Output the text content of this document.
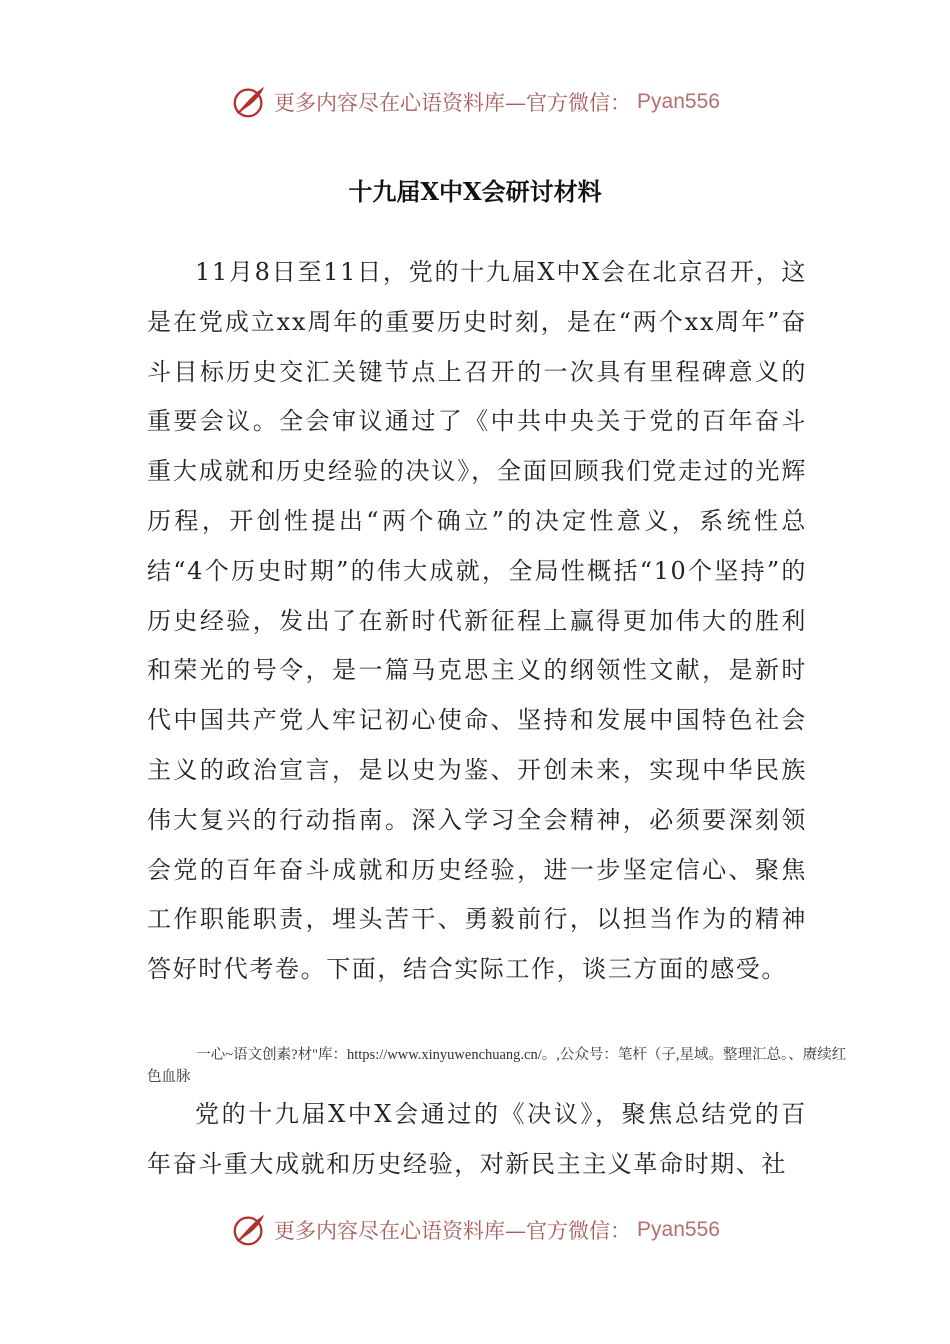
更多内容尽在心语资料库—官方微信： Pyan556
十九届X中X会研讨材料

11月8日至11日，党的十九届X中X会在北京召开，这是在党成立xx周年的重要历史时刻，是在“两个xx周年”奋斗目标历史交汇关键节点上召开的一次具有里程碑意义的重要会议。全会审议通过了《中共中央关于党的百年奋斗重大成就和历史经验的决议》，全面回顾我们党走过的光辉历程，开创性提出“两个确立”的决定性意义，系统性总结“4个历史时期”的伟大成就，全局性概括“10个坚持”的历史经验，发出了在新时代新征程上赢得更加伟大的胜利和荣光的号令，是一篇马克思主义的纲领性文献，是新时代中国共产党人牢记初心使命、坚持和发展中国特色社会主义的政治宣言，是以史为鉴、开创未来，实现中华民族伟大复兴的行动指南。深入学习全会精神，必须要深刻领会党的百年奋斗成就和历史经验，进一步坚定信心、聚焦工作职能职责，埋头苦干、勇毅前行，以担当作为的精神答好时代考卷。下面，结合实际工作，谈三方面的感受。

一心~语文创素?材"库：https://www.xinyuwenchuang.cn/。,公众号：笔杆（子,星域。整理汇总。、赓续红色血脉

党的十九届X中X会通过的《决议》，聚焦总结党的百年奋斗重大成就和历史经验，对新民主主义革命时期、社

更多内容尽在心语资料库—官方微信： Pyan556
